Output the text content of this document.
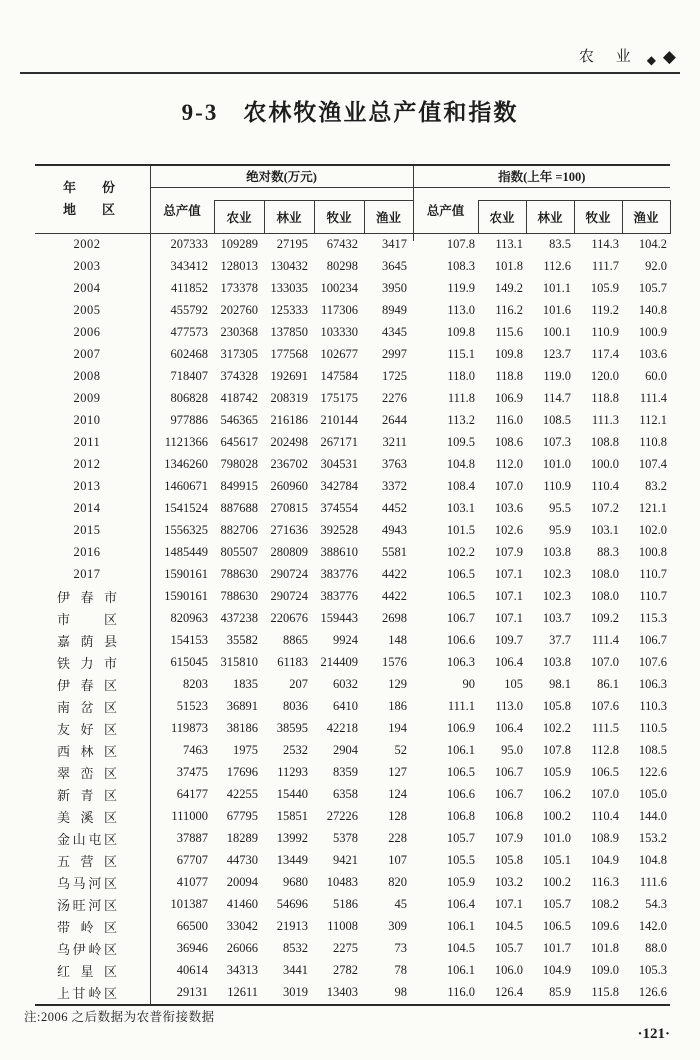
农 业 ◆ ◆
9-3　农林牧渔业总产值和指数
年 份
地 区	绝对数(万元)					指数(上年 =100)				
	总产值					总产值				
		农业	林业	牧业	渔业		农业	林业	牧业	渔业
2002	207333	109289	27195	67432	3417	107.8	113.1	83.5	114.3	104.2
2003	343412	128013	130432	80298	3645	108.3	101.8	112.6	111.7	92.0
2004	411852	173378	133035	100234	3950	119.9	149.2	101.1	105.9	105.7
2005	455792	202760	125333	117306	8949	113.0	116.2	101.6	119.2	140.8
2006	477573	230368	137850	103330	4345	109.8	115.6	100.1	110.9	100.9
2007	602468	317305	177568	102677	2997	115.1	109.8	123.7	117.4	103.6
2008	718407	374328	192691	147584	1725	118.0	118.8	119.0	120.0	60.0
2009	806828	418742	208319	175175	2276	111.8	106.9	114.7	118.8	111.4
2010	977886	546365	216186	210144	2644	113.2	116.0	108.5	111.3	112.1
2011	1121366	645617	202498	267171	3211	109.5	108.6	107.3	108.8	110.8
2012	1346260	798028	236702	304531	3763	104.8	112.0	101.0	100.0	107.4
2013	1460671	849915	260960	342784	3372	108.4	107.0	110.9	110.4	83.2
2014	1541524	887688	270815	374554	4452	103.1	103.6	95.5	107.2	121.1
2015	1556325	882706	271636	392528	4943	101.5	102.6	95.9	103.1	102.0
2016	1485449	805507	280809	388610	5581	102.2	107.9	103.8	88.3	100.8
2017	1590161	788630	290724	383776	4422	106.5	107.1	102.3	108.0	110.7
伊 春 市	1590161	788630	290724	383776	4422	106.5	107.1	102.3	108.0	110.7
市 区	820963	437238	220676	159443	2698	106.7	107.1	103.7	109.2	115.3
嘉 荫 县	154153	35582	8865	9924	148	106.6	109.7	37.7	111.4	106.7
铁 力 市	615045	315810	61183	214409	1576	106.3	106.4	103.8	107.0	107.6
伊 春 区	8203	1835	207	6032	129	90	105	98.1	86.1	106.3
南 岔 区	51523	36891	8036	6410	186	111.1	113.0	105.8	107.6	110.3
友 好 区	119873	38186	38595	42218	194	106.9	106.4	102.2	111.5	110.5
西 林 区	7463	1975	2532	2904	52	106.1	95.0	107.8	112.8	108.5
翠 峦 区	37475	17696	11293	8359	127	106.5	106.7	105.9	106.5	122.6
新 青 区	64177	42255	15440	6358	124	106.6	106.7	106.2	107.0	105.0
美 溪 区	111000	67795	15851	27226	128	106.8	106.8	100.2	110.4	144.0
金山屯区	37887	18289	13992	5378	228	105.7	107.9	101.0	108.9	153.2
五 营 区	67707	44730	13449	9421	107	105.5	105.8	105.1	104.9	104.8
乌马河区	41077	20094	9680	10483	820	105.9	103.2	100.2	116.3	111.6
汤旺河区	101387	41460	54696	5186	45	106.4	107.1	105.7	108.2	54.3
带 岭 区	66500	33042	21913	11008	309	106.1	104.5	106.5	109.6	142.0
乌伊岭区	36946	26066	8532	2275	73	104.5	105.7	101.7	101.8	88.0
红 星 区	40614	34313	3441	2782	78	106.1	106.0	104.9	109.0	105.3
上甘岭区	29131	12611	3019	13403	98	116.0	126.4	85.9	115.8	126.6
注:2006 之后数据为农普衔接数据
·121·
